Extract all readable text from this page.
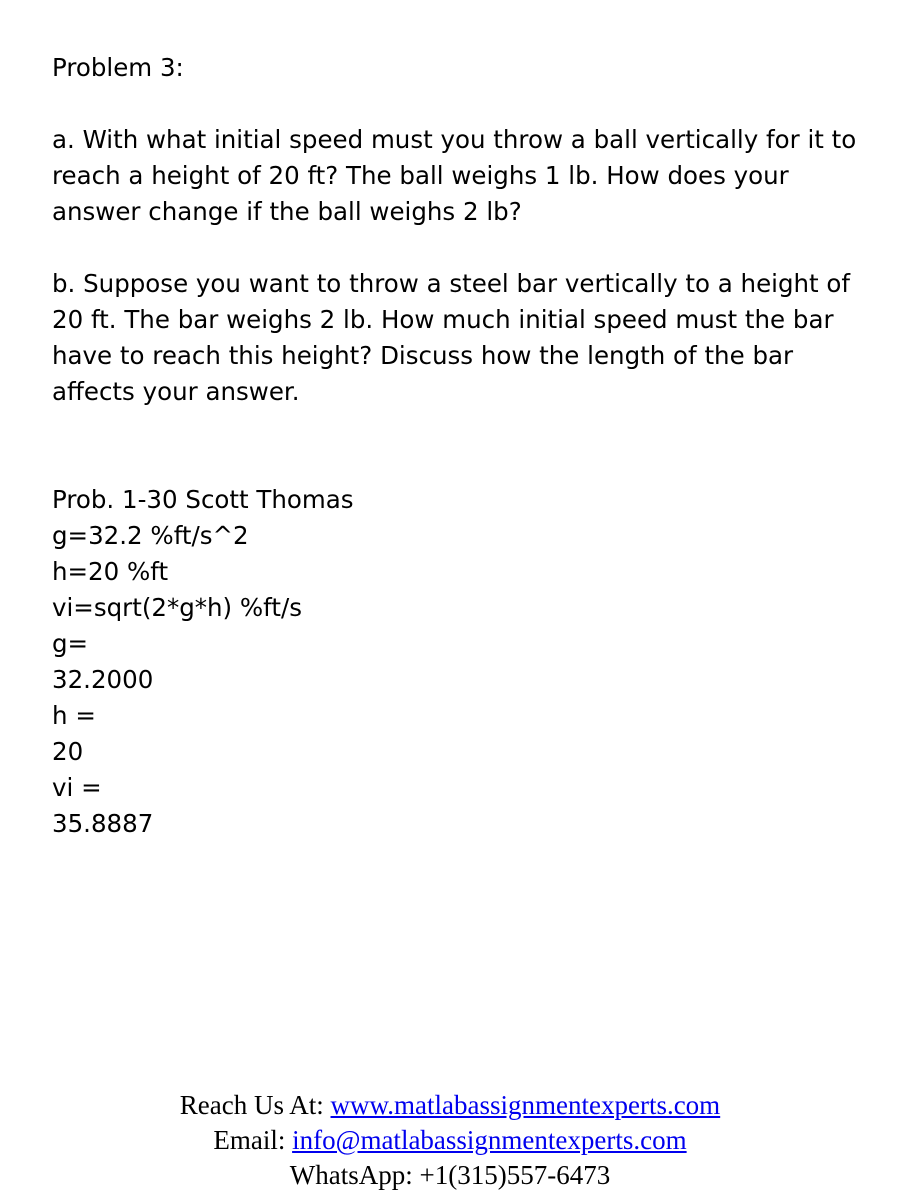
Problem 3:
a. With what initial speed must you throw a ball vertically for it to
reach a height of 20 ft? The ball weighs 1 lb. How does your
answer change if the ball weighs 2 lb?
b. Suppose you want to throw a steel bar vertically to a height of
20 ft. The bar weighs 2 lb. How much initial speed must the bar
have to reach this height? Discuss how the length of the bar
affects your answer.
Prob. 1-30 Scott Thomas
g=32.2 %ft/s^2
h=20 %ft
vi=sqrt(2*g*h) %ft/s
g=
32.2000
h =
20
vi =
35.8887
Reach Us At: www.matlabassignmentexperts.com
Email: info@matlabassignmentexperts.com
WhatsApp: +1(315)557-6473
